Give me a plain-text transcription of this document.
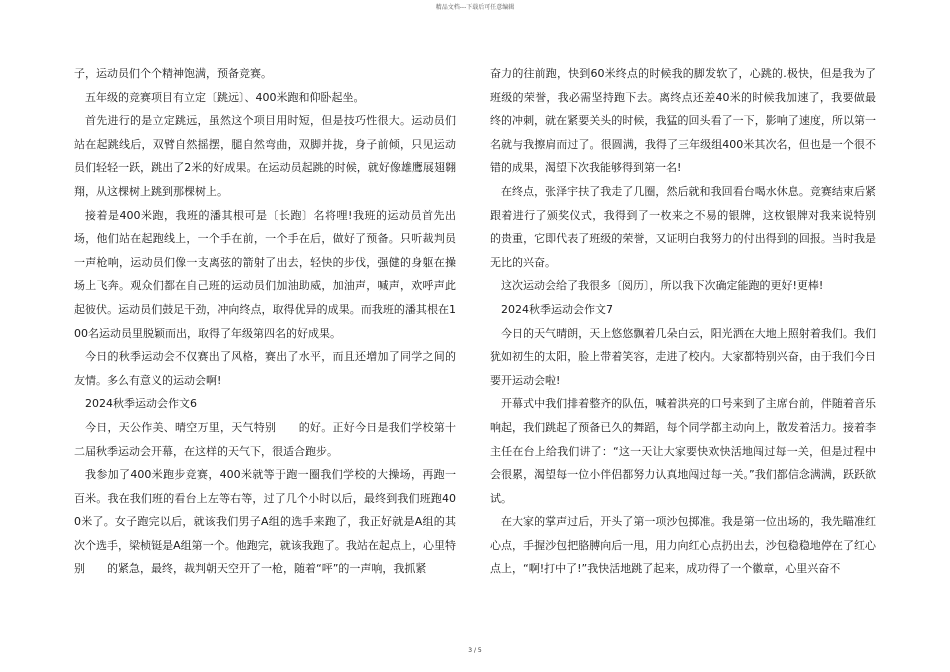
精品文档---下载后可任意编辑

子，运动员们个个精神饱满，预备竞赛。

五年级的竞赛项目有立定〔跳远〕、400米跑和仰卧起坐。

首先进行的是立定跳远，虽然这个项目用时短，但是技巧性很大。运动员们站在起跳线后，双臂自然摇摆，腿自然弯曲，双脚并拢，身子前倾，只见运动员们轻轻一跃，跳出了2米的好成果。在运动员起跳的时候，就好像雄鹰展翅翱翔，从这棵树上跳到那棵树上。

接着是400米跑，我班的潘其根可是〔长跑〕名将哩!我班的运动员首先出场，他们站在起跑线上，一个手在前，一个手在后，做好了预备。只听裁判员一声枪响，运动员们像一支离弦的箭射了出去，轻快的步伐，强健的身躯在操场上飞奔。观众们都在自己班的运动员们加油助威，加油声，喊声，欢呼声此起彼伏。运动员们鼓足干劲，冲向终点，取得优异的成果。而我班的潘其根在100名运动员里脱颖而出，取得了年级第四名的好成果。

今日的秋季运动会不仅赛出了风格，赛出了水平，而且还增加了同学之间的友情。多么有意义的运动会啊!

2024秋季运动会作文6

今日，天公作美、晴空万里，天气特别　　的好。正好今日是我们学校第十二届秋季运动会开幕，在这样的天气下，很适合跑步。

我参加了400米跑步竞赛，400米就等于跑一圈我们学校的大操场，再跑一百米。我在我们班的看台上左等右等，过了几个小时以后，最终到我们班跑400米了。女子跑完以后，就该我们男子A组的选手来跑了，我正好就是A组的其次个选手，梁桢铤是A组第一个。他跑完，就该我跑了。我站在起点上，心里特别　　的紧急，最终，裁判朝天空开了一枪，随着“呯”的一声响，我抓紧

奋力的往前跑，快到60米终点的时候我的脚发软了，心跳的.极快，但是我为了班级的荣誉，我必需坚持跑下去。离终点还差40米的时候我加速了，我要做最终的冲刺，就在紧要关头的时候，我猛的回头看了一下，影响了速度，所以第一名就与我擦肩而过了。很圆满，我得了三年级组400米其次名，但也是一个很不错的成果，渴望下次我能够得到第一名!

在终点，张泽宇扶了我走了几圈，然后就和我回看台喝水休息。竞赛结束后紧跟着进行了颁奖仪式，我得到了一枚来之不易的银牌，这枚银牌对我来说特别　　的贵重，它即代表了班级的荣誉，又证明白我努力的付出得到的回报。当时我是无比的兴奋。

这次运动会给了我很多〔阅历〕，所以我下次确定能跑的更好!更棒!

2024秋季运动会作文7

今日的天气晴朗，天上悠悠飘着几朵白云，阳光洒在大地上照射着我们。我们犹如初生的太阳，脸上带着笑容，走进了校内。大家都特别兴奋，由于我们今日要开运动会啦!

开幕式中我们排着整齐的队伍，喊着洪亮的口号来到了主席台前，伴随着音乐响起，我们跳起了预备已久的舞蹈，每个同学都主动向上，散发着活力。接着李主任在台上给我们讲了：“这一天让大家要快欢快活地闯过每一关，但是过程中会很累，渴望每一位小伴侣都努力认真地闯过每一关。”我们都信念满满，跃跃欲试。

在大家的掌声过后，开头了第一项沙包掷准。我是第一位出场的，我先瞄准红心点，手握沙包把胳膊向后一甩，用力向红心点扔出去，沙包稳稳地停在了红心点上，“啊!打中了!”我快活地跳了起来，成功得了一个徽章，心里兴奋不

3 / 5
